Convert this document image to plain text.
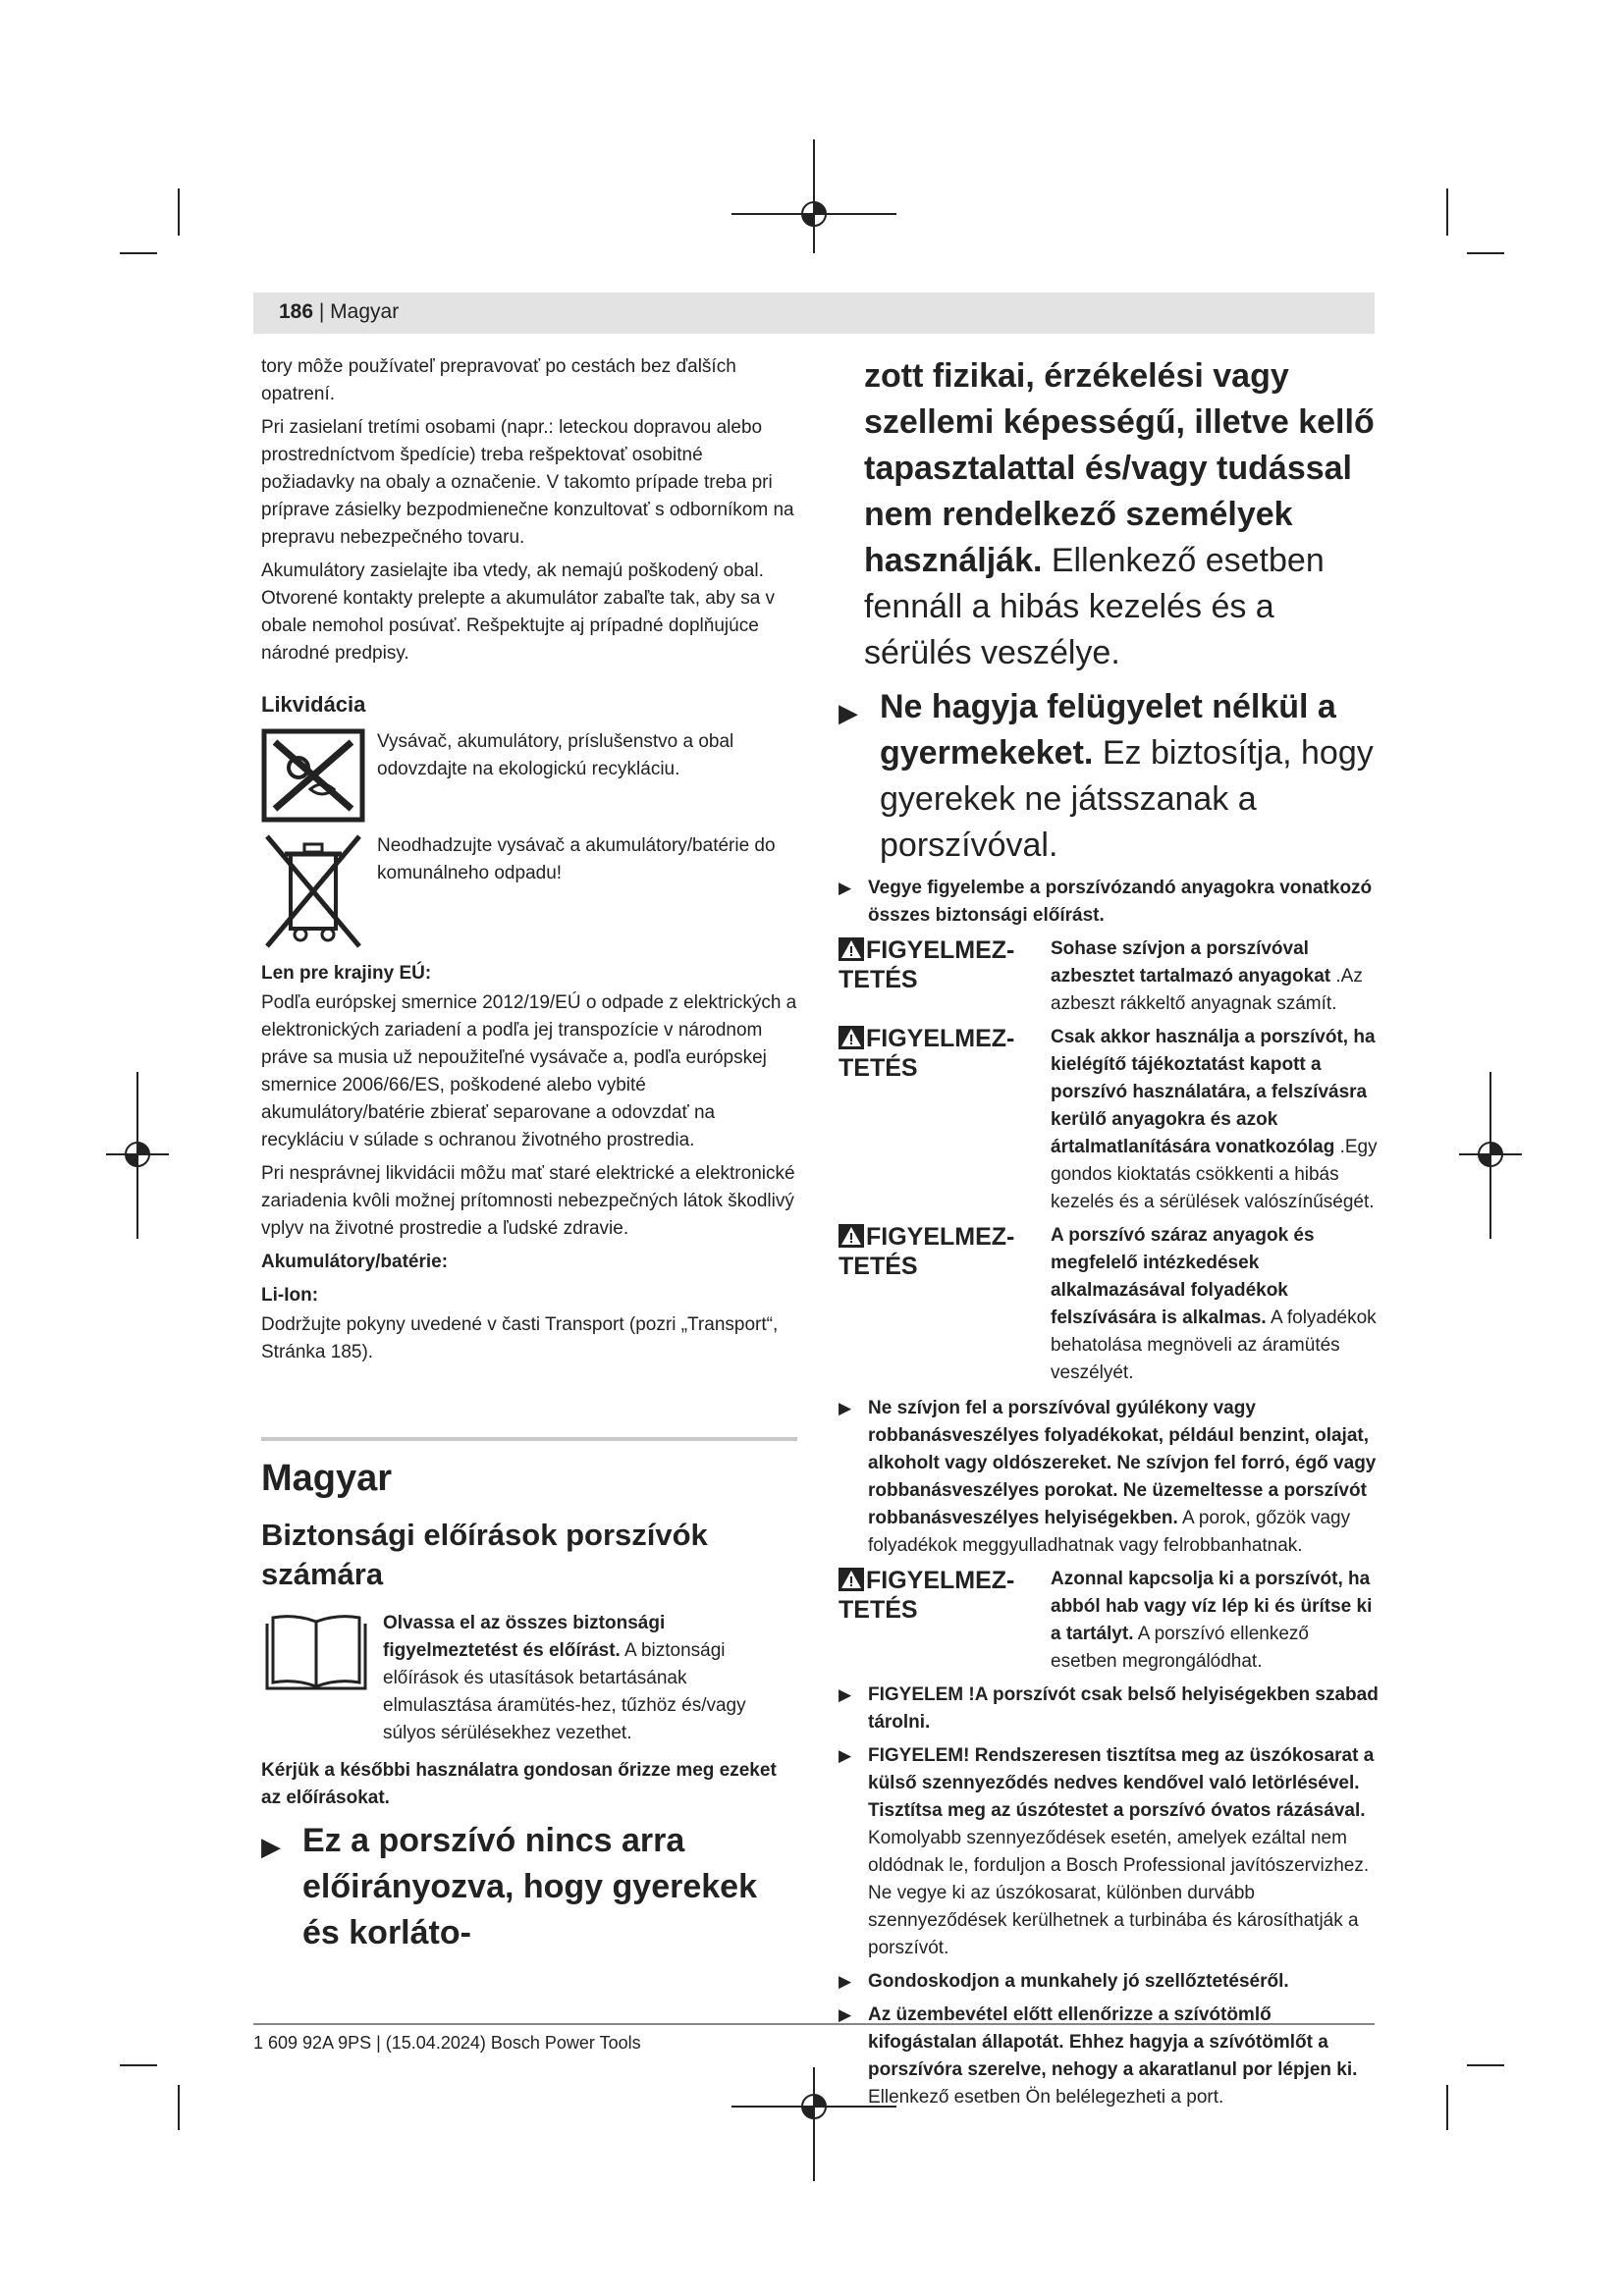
186 | Magyar

tory môže používateľ prepravovať po cestách bez ďalších opatrení.

Pri zasielaní tretími osobami (napr.: leteckou dopravou alebo prostredníctvom špedície) treba rešpektovať osobitné požiadavky na obaly a označenie. V takomto prípade treba pri príprave zásielky bezpodmienečne konzultovať s odborníkom na prepravu nebezpečného tovaru.

Akumulátory zasielajte iba vtedy, ak nemajú poškodený obal. Otvorené kontakty prelepte a akumulátor zabaľte tak, aby sa v obale nemohol posúvať. Rešpektujte aj prípadné doplňujúce národné predpisy.

Likvidácia
Vysávač, akumulátory, príslušenstvo a obal odovzdajte na ekologickú recykláciu.
Neodhadzujte vysávač a akumulátory/batérie do komunálneho odpadu!
Len pre krajiny EÚ:

Podľa európskej smernice 2012/19/EÚ o odpade z elektrických a elektronických zariadení a podľa jej transpozície v národnom práve sa musia už nepoužiteľné vysávače a, podľa európskej smernice 2006/66/ES, poškodené alebo vybité akumulátory/batérie zbierať separovane a odovzdať na recykláciu v súlade s ochranou životného prostredia.

Pri nesprávnej likvidácii môžu mať staré elektrické a elektronické zariadenia kvôli možnej prítomnosti nebezpečných látok škodlivý vplyv na životné prostredie a ľudské zdravie.

Akumulátory/batérie:
Li-Ion:

Dodržujte pokyny uvedené v časti Transport (pozri „Transport“, Stránka 185).

Magyar
Biztonsági előírások porszívók számára
Olvassa el az összes biztonsági figyelmeztetést és előírást. A biztonsági előírások és utasítások betartásának elmulasztása áramütés-hez, tűzhöz és/vagy súlyos sérülésekhez vezethet.

Kérjük a későbbi használatra gondosan őrizze meg ezeket az előírásokat.

▶ Ez a porszívó nincs arra előirányozva, hogy gyerekek és korláto-
zott fizikai, érzékelési vagy szellemi képességű, illetve kellő tapasztalattal és/vagy tudással nem rendelkező személyek használják. Ellenkező esetben fennáll a hibás kezelés és a sérülés veszélye.
▶ Ne hagyja felügyelet nélkül a gyermekeket. Ez biztosítja, hogy gyerekek ne játsszanak a porszívóval.
▶ Vegye figyelembe a porszívózandó anyagokra vonatkozó összes biztonsági előírást.
FIGYELMEZ-TETÉS
Sohase szívjon a porszívóval azbesztet tartalmazó anyagokat .Az azbeszt rákkeltő anyagnak számít.
FIGYELMEZ-TETÉS
Csak akkor használja a porszívót, ha kielégítő tájékoztatást kapott a porszívó használatára, a felszívásra kerülő anyagokra és azok ártalmatlanítására vonatkozólag .Egy gondos kioktatás csökkenti a hibás kezelés és a sérülések valószínűségét.
FIGYELMEZ-TETÉS
A porszívó száraz anyagok és megfelelő intézkedések alkalmazásával folyadékok felszívására is alkalmas. A folyadékok behatolása megnöveli az áramütés veszélyét.
▶ Ne szívjon fel a porszívóval gyúlékony vagy robbanásveszélyes folyadékokat, például benzint, olajat, alkoholt vagy oldószereket. Ne szívjon fel forró, égő vagy robbanásveszélyes porokat. Ne üzemeltesse a porszívót robbanásveszélyes helyiségekben. A porok, gőzök vagy folyadékok meggyulladhatnak vagy felrobbanhatnak.
FIGYELMEZ-TETÉS
Azonnal kapcsolja ki a porszívót, ha abból hab vagy víz lép ki és ürítse ki a tartályt. A porszívó ellenkező esetben megrongálódhat.
▶ FIGYELEM !A porszívót csak belső helyiségekben szabad tárolni.
▶ FIGYELEM! Rendszeresen tisztítsa meg az üszókosarat a külső szennyeződés nedves kendővel való letörlésével. Tisztítsa meg az úszótestet a porszívó óvatos rázásával. Komolyabb szennyeződések esetén, amelyek ezáltal nem oldódnak le, forduljon a Bosch Professional javítószervizhez. Ne vegye ki az úszókosarat, különben durvább szennyeződések kerülhetnek a turbinába és károsíthatják a porszívót.
▶ Gondoskodjon a munkahely jó szellőztetéséről.
▶ Az üzembevétel előtt ellenőrizze a szívótömlő kifogástalan állapotát. Ehhez hagyja a szívótömlőt a porszívóra szerelve, nehogy a akaratlanul por lépjen ki. Ellenkező esetben Ön belélegezheti a port.
1 609 92A 9PS | (15.04.2024) Bosch Power Tools
